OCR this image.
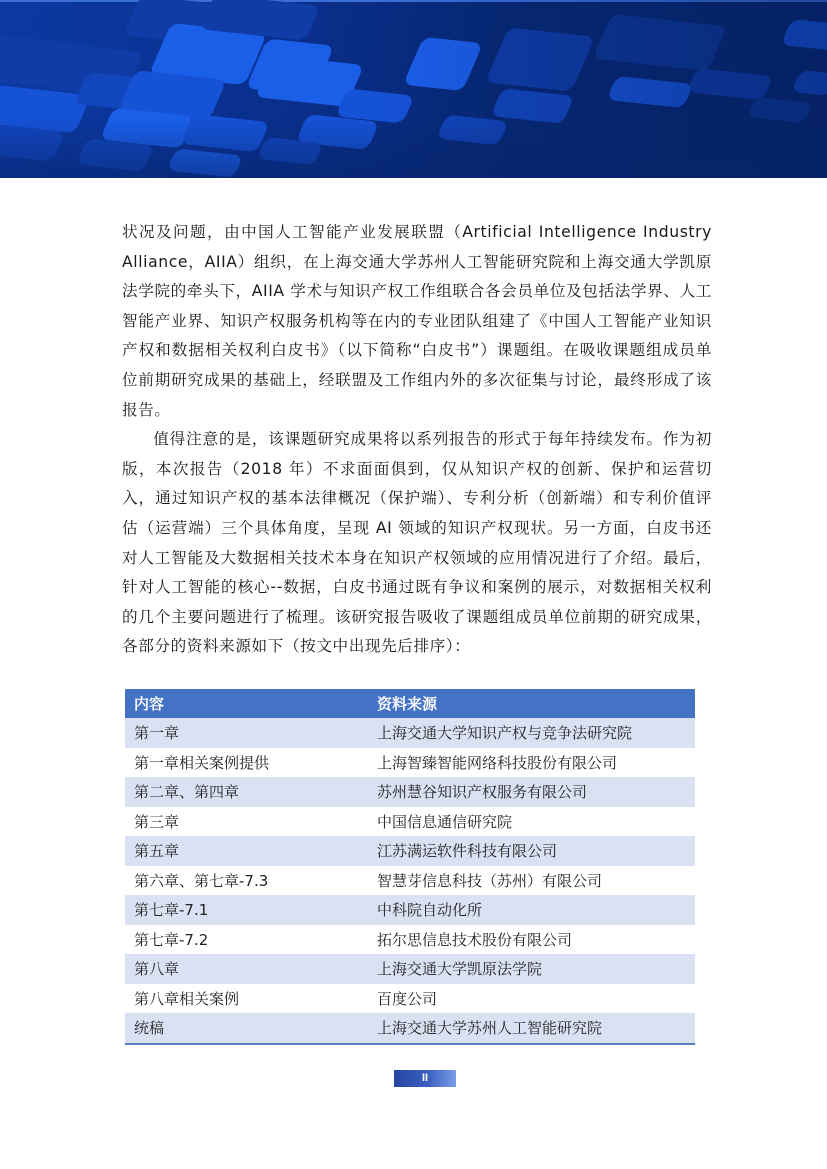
状况及问题，由中国人工智能产业发展联盟（Artificial Intelligence Industry Alliance，AIIA）组织，在上海交通大学苏州人工智能研究院和上海交通大学凯原法学院的牵头下，AIIA 学术与知识产权工作组联合各会员单位及包括法学界、人工智能产业界、知识产权服务机构等在内的专业团队组建了《中国人工智能产业知识产权和数据相关权利白皮书》（以下简称“白皮书”）课题组。在吸收课题组成员单位前期研究成果的基础上，经联盟及工作组内外的多次征集与讨论，最终形成了该报告。

值得注意的是，该课题研究成果将以系列报告的形式于每年持续发布。作为初版，本次报告（2018 年）不求面面俱到，仅从知识产权的创新、保护和运营切入，通过知识产权的基本法律概况（保护端）、专利分析（创新端）和专利价值评估（运营端）三个具体角度，呈现 AI 领域的知识产权现状。另一方面，白皮书还对人工智能及大数据相关技术本身在知识产权领域的应用情况进行了介绍。最后，针对人工智能的核心--数据，白皮书通过既有争议和案例的展示，对数据相关权利的几个主要问题进行了梳理。该研究报告吸收了课题组成员单位前期的研究成果，各部分的资料来源如下（按文中出现先后排序）：

内容	资料来源
第一章	上海交通大学知识产权与竞争法研究院
第一章相关案例提供	上海智臻智能网络科技股份有限公司
第二章、第四章	苏州慧谷知识产权服务有限公司
第三章	中国信息通信研究院
第五章	江苏满运软件科技有限公司
第六章、第七章-7.3	智慧芽信息科技（苏州）有限公司
第七章-7.1	中科院自动化所
第七章-7.2	拓尔思信息技术股份有限公司
第八章	上海交通大学凯原法学院
第八章相关案例	百度公司
统稿	上海交通大学苏州人工智能研究院
II
